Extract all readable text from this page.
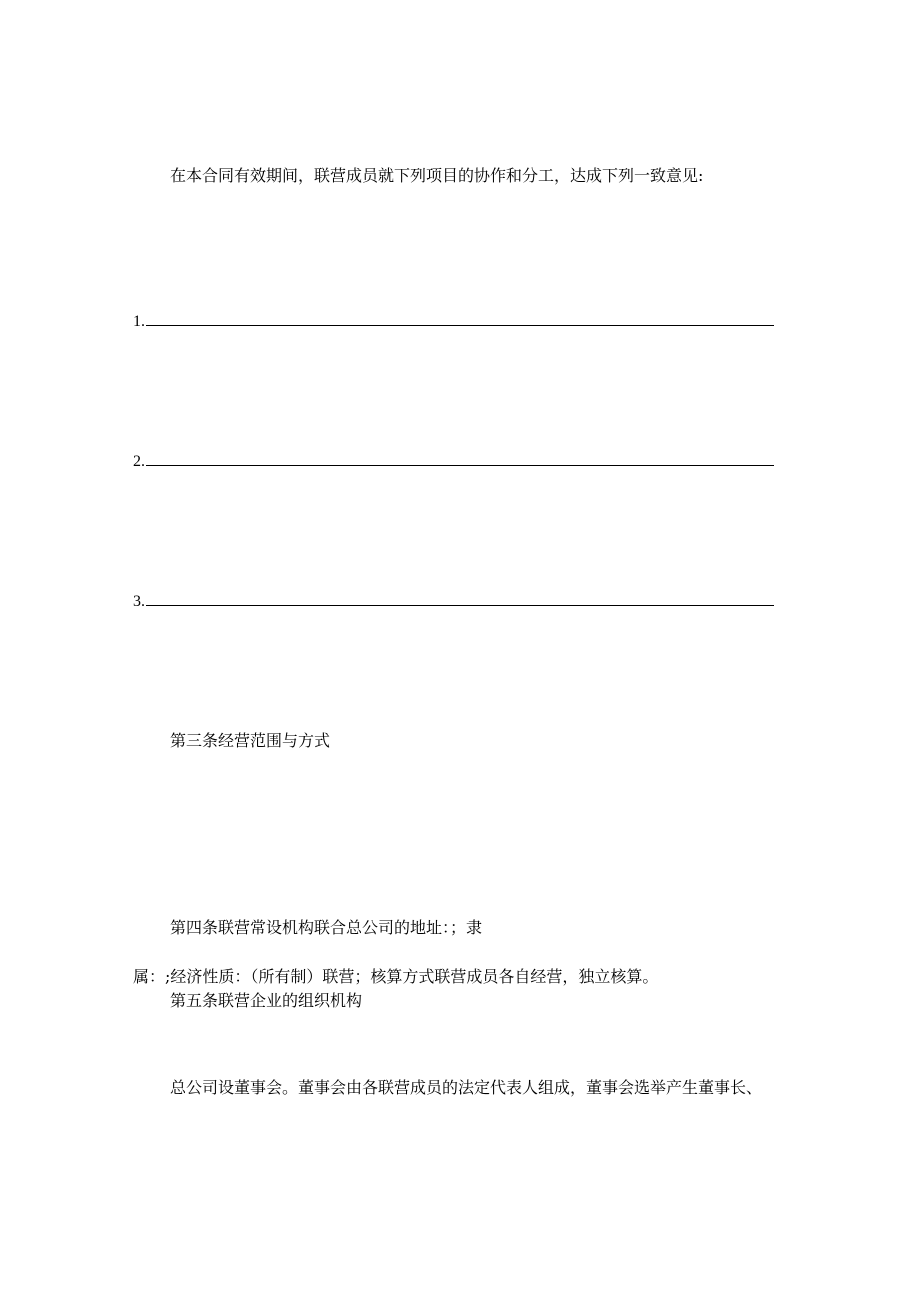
在本合同有效期间，联营成员就下列项目的协作和分工，达成下列一致意见:

1.
2.
3.

第三条经营范围与方式

第四条联营常设机构联合总公司的地址：；隶

属：;经济性质：（所有制）联营；核算方式联营成员各自经营，独立核算。

第五条联营企业的组织机构

总公司设董事会。董事会由各联营成员的法定代表人组成，董事会选举产生董事长、
